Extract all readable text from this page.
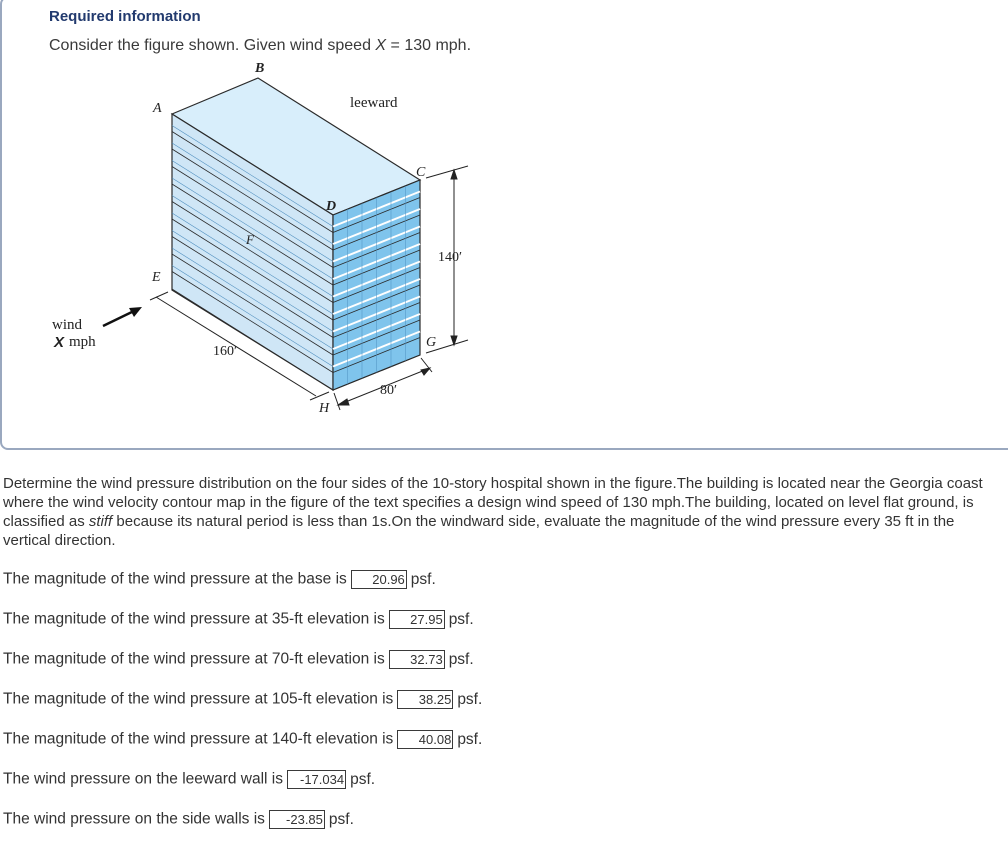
Required information
Consider the figure shown. Given wind speed X = 130 mph.
A
B
C
D
E
F
G
H
leeward
140′
160′
80′
wind
X mph
Determine the wind pressure distribution on the four sides of the 10-story hospital shown in the figure.The building is located near the Georgia coast where the wind velocity contour map in the figure of the text specifies a design wind speed of 130 mph.The building, located on level flat ground, is classified as stiff because its natural period is less than 1s.On the windward side, evaluate the magnitude of the wind pressure every 35 ft in the vertical direction.
The magnitude of the wind pressure at the base is 20.96 psf.
The magnitude of the wind pressure at 35-ft elevation is 27.95 psf.
The magnitude of the wind pressure at 70-ft elevation is 32.73 psf.
The magnitude of the wind pressure at 105-ft elevation is 38.25 psf.
The magnitude of the wind pressure at 140-ft elevation is 40.08 psf.
The wind pressure on the leeward wall is -17.034 psf.
The wind pressure on the side walls is -23.85 psf.
